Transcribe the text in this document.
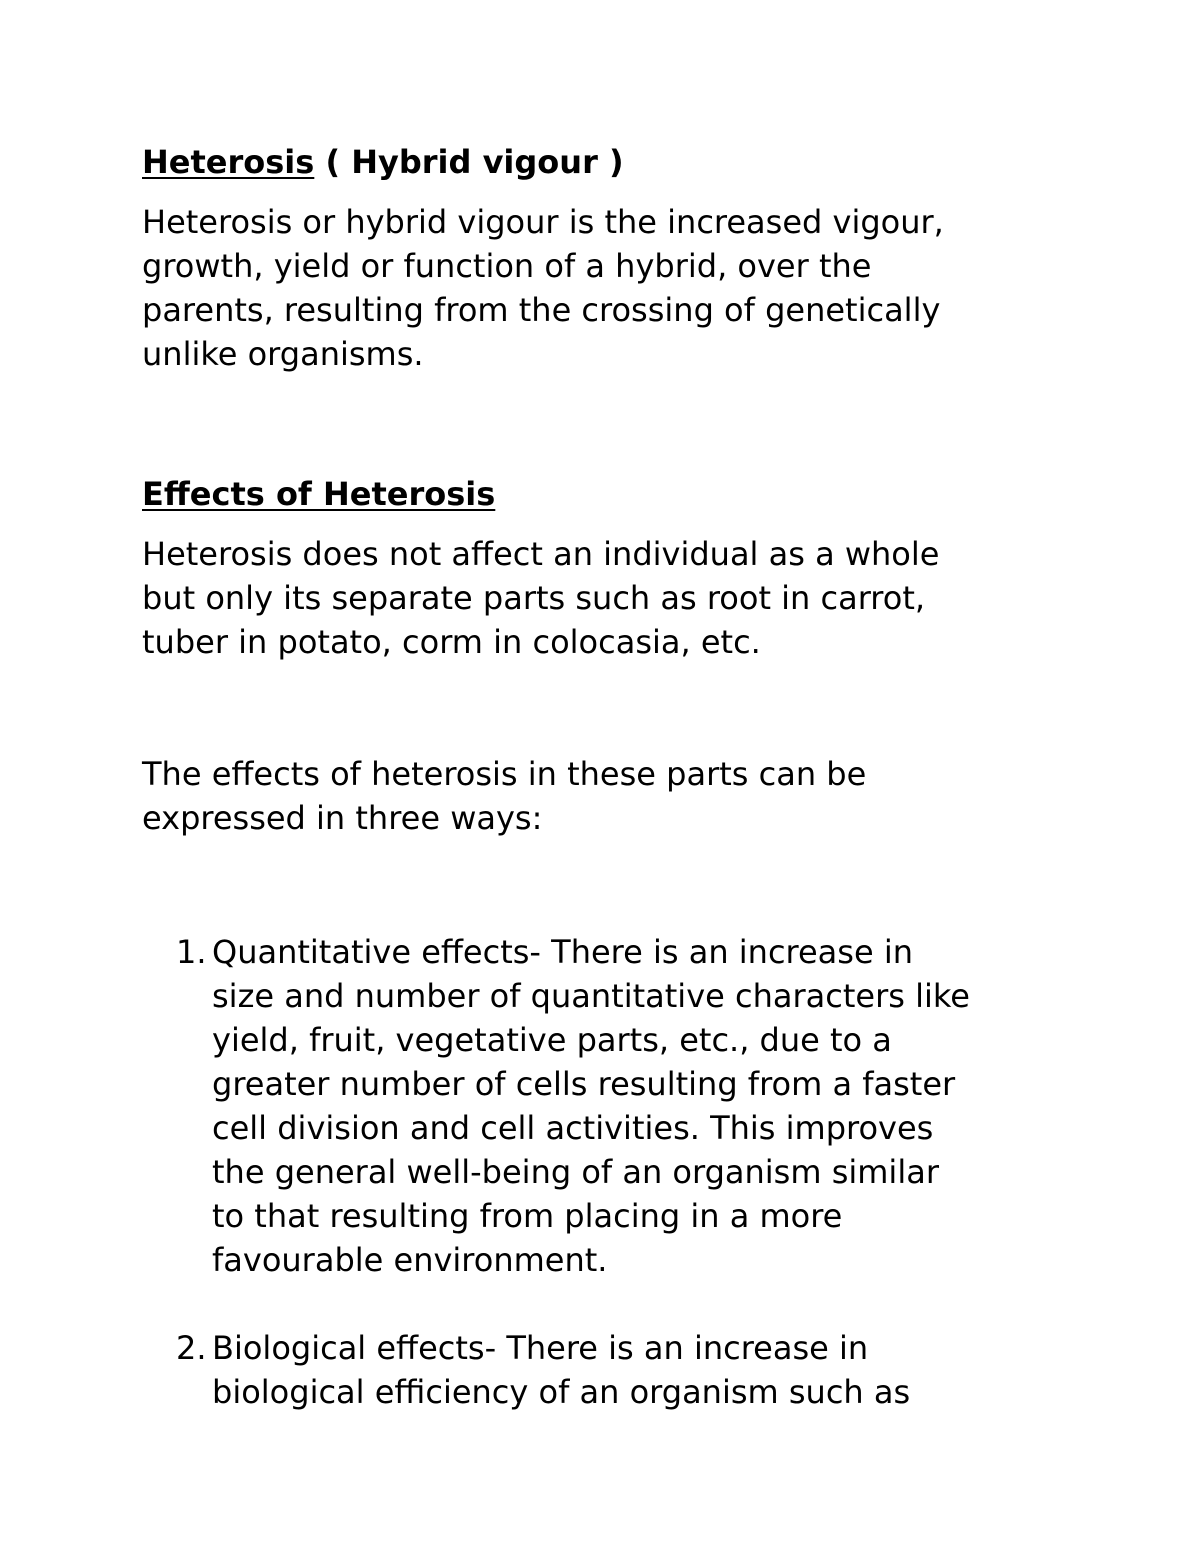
Heterosis ( Hybrid vigour )

Heterosis or hybrid vigour is the increased vigour,
growth, yield or function of a hybrid, over the
parents, resulting from the crossing of genetically
unlike organisms.

Effects of Heterosis

Heterosis does not affect an individual as a whole
but only its separate parts such as root in carrot,
tuber in potato, corm in colocasia, etc.

The effects of heterosis in these parts can be
expressed in three ways:

1. Quantitative effects- There is an increase in
size and number of quantitative characters like
yield, fruit, vegetative parts, etc., due to a
greater number of cells resulting from a faster
cell division and cell activities. This improves
the general well-being of an organism similar
to that resulting from placing in a more
favourable environment.
2. Biological effects- There is an increase in
biological efficiency of an organism such as
